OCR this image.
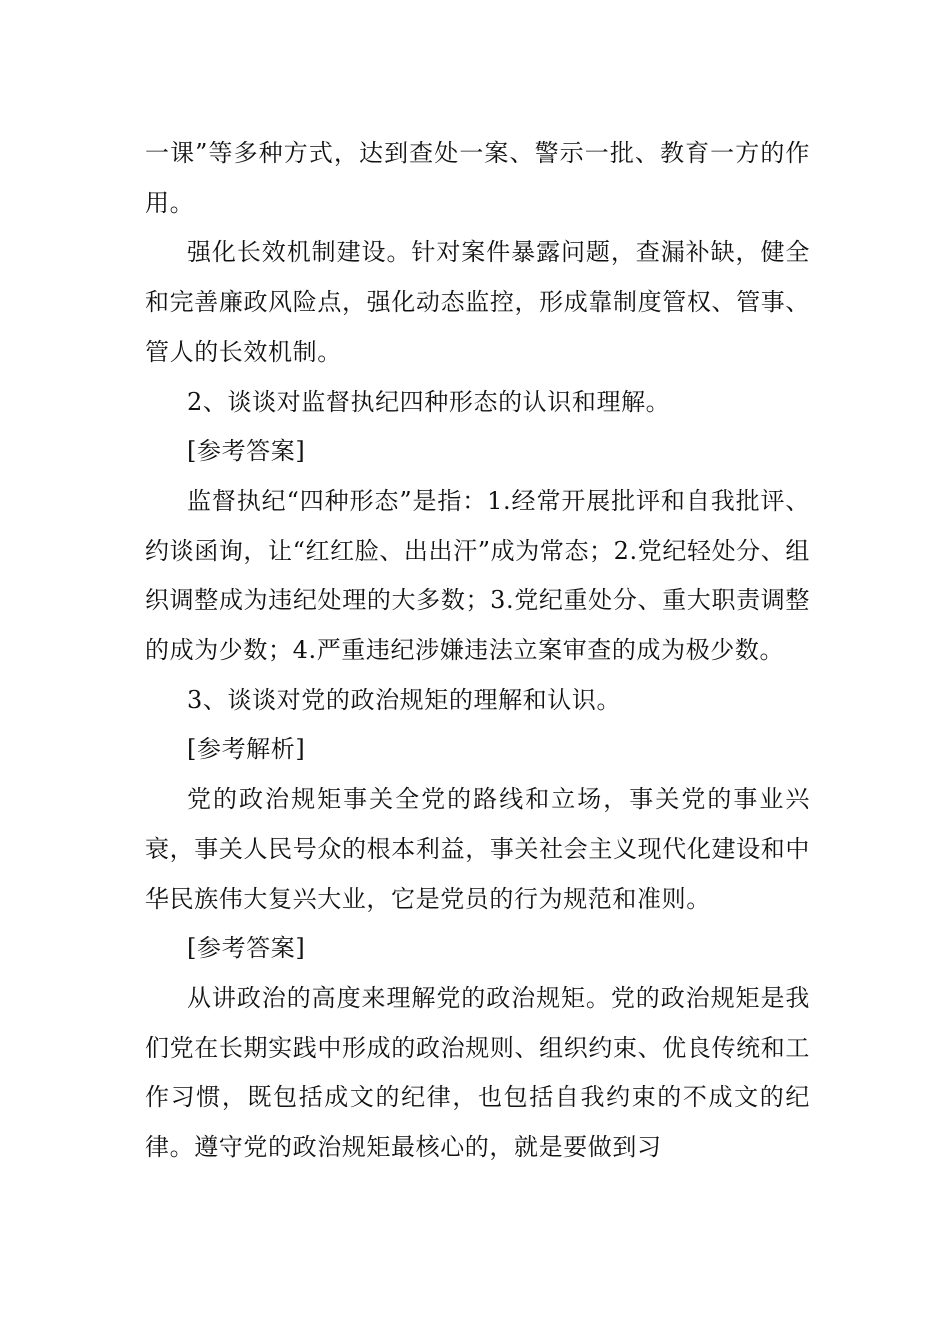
一课”等多种方式，达到查处一案、警示一批、教育一方的作用。

强化长效机制建设。针对案件暴露问题，查漏补缺，健全和完善廉政风险点，强化动态监控，形成靠制度管权、管事、管人的长效机制。

2、谈谈对监督执纪四种形态的认识和理解。

[参考答案]

监督执纪“四种形态”是指：1.经常开展批评和自我批评、约谈函询，让“红红脸、出出汗”成为常态；2.党纪轻处分、组织调整成为违纪处理的大多数；3.党纪重处分、重大职责调整的成为少数；4.严重违纪涉嫌违法立案审查的成为极少数。

3、谈谈对党的政治规矩的理解和认识。

[参考解析]

党的政治规矩事关全党的路线和立场，事关党的事业兴衰，事关人民号众的根本利益，事关社会主义现代化建设和中华民族伟大复兴大业，它是党员的行为规范和准则。

[参考答案]

从讲政治的高度来理解党的政治规矩。党的政治规矩是我们党在长期实践中形成的政治规则、组织约束、优良传统和工作习惯，既包括成文的纪律，也包括自我约束的不成文的纪律。遵守党的政治规矩最核心的，就是要做到习
